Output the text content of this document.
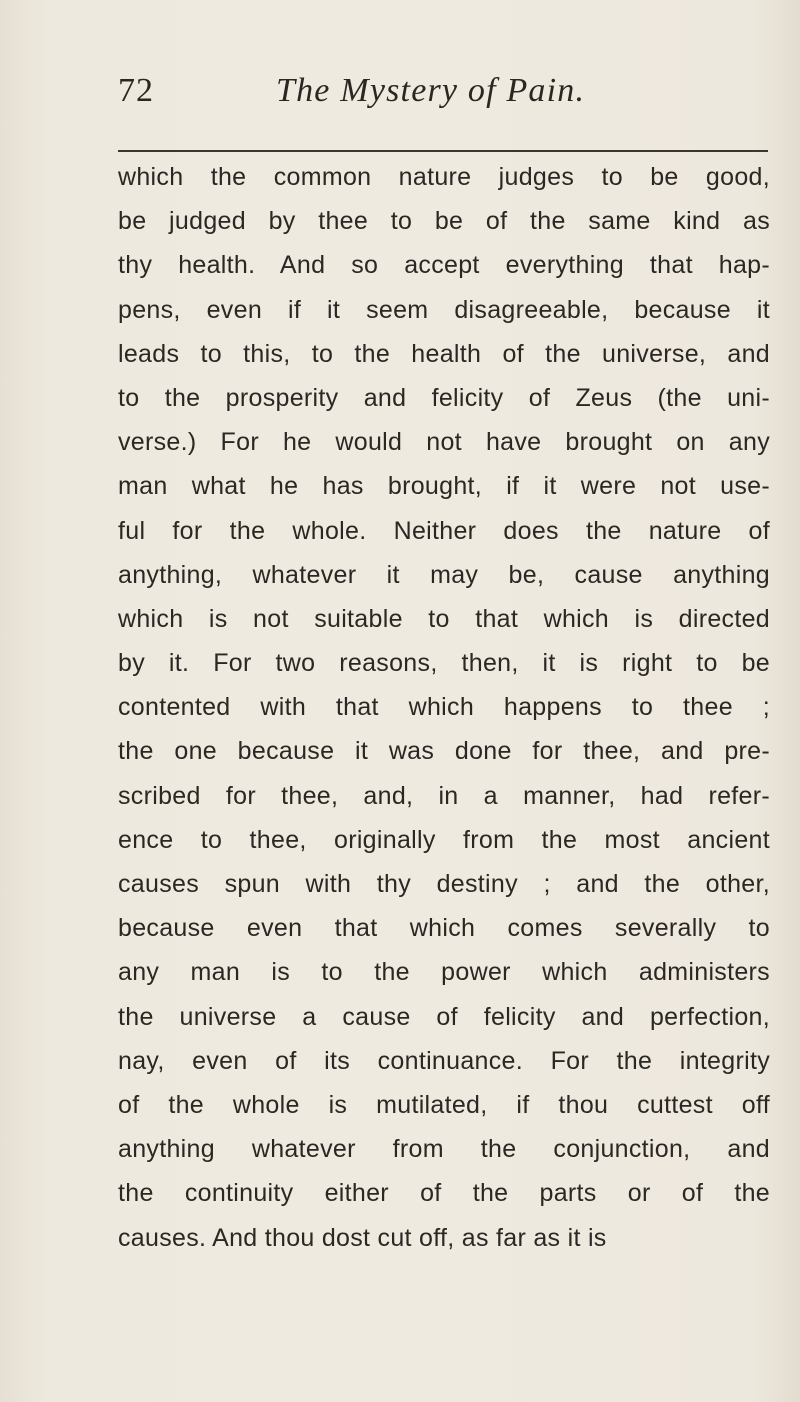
72	The Mystery of Pain.
which the common nature judges to be good,
be judged by thee to be of the same kind as
thy health. And so accept everything that hap-
pens, even if it seem disagreeable, because it
leads to this, to the health of the universe, and
to the prosperity and felicity of Zeus (the uni-
verse.) For he would not have brought on any
man what he has brought, if it were not use-
ful for the whole. Neither does the nature of
anything, whatever it may be, cause anything
which is not suitable to that which is directed
by it. For two reasons, then, it is right to be
contented with that which happens to thee ;
the one because it was done for thee, and pre-
scribed for thee, and, in a manner, had refer-
ence to thee, originally from the most ancient
causes spun with thy destiny ; and the other,
because even that which comes severally to
any man is to the power which administers
the universe a cause of felicity and perfection,
nay, even of its continuance. For the integrity
of the whole is mutilated, if thou cuttest off
anything whatever from the conjunction, and
the continuity either of the parts or of the
causes. And thou dost cut off, as far as it is
